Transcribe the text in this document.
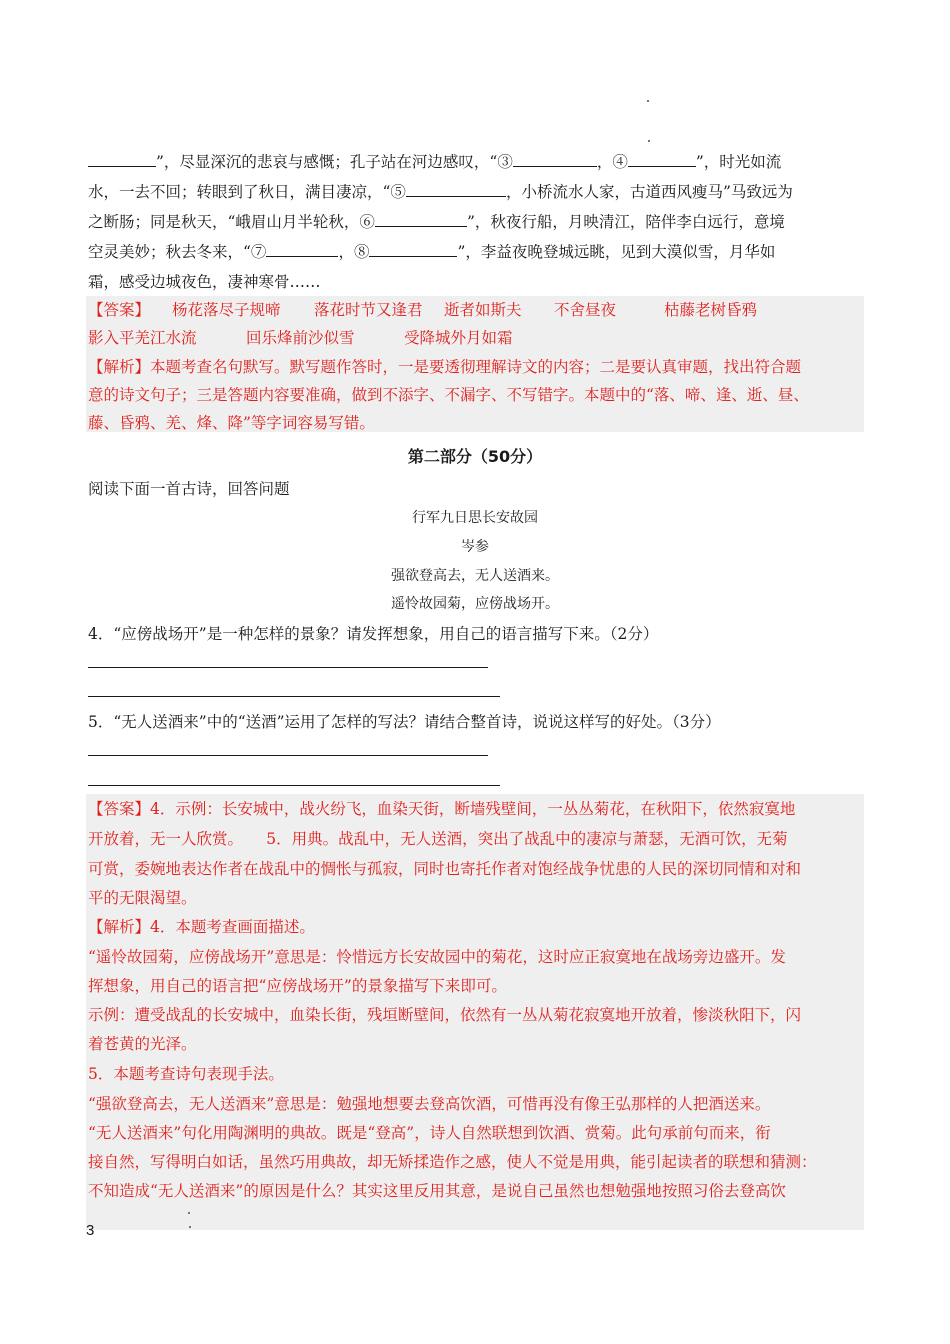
”，尽显深沉的悲哀与感慨；孔子站在河边感叹，“③	，④	”，时光如流
水，一去不回；转眼到了秋日，满目凄凉，“⑤	，小桥流水人家，古道西风瘦马”马致远为
之断肠；同是秋天，“峨眉山月半轮秋，⑥	”，秋夜行船，月映清江，陪伴李白远行，意境
空灵美妙；秋去冬来，“⑦	，⑧	”，李益夜晚登城远眺，见到大漠似雪，月华如
霜，感受边城夜色，凄神寒骨……
【答案】 杨花落尽子规啼 落花时节又逢君 逝者如斯夫 不舍昼夜	枯藤老树昏鸦
影入平羌江水流	回乐烽前沙似雪	受降城外月如霜
【解析】本题考查名句默写。默写题作答时，一是要透彻理解诗文的内容；二是要认真审题，找出符合题
意的诗文句子；三是答题内容要准确，做到不添字、不漏字、不写错字。本题中的“落、啼、逢、逝、昼、
藤、昏鸦、羌、烽、降”等字词容易写错。
第二部分（50分）
阅读下面一首古诗，回答问题
行军九日思长安故园
岑参
强欲登高去，无人送酒来。
遥怜故园菊，应傍战场开。
4．“应傍战场开”是一种怎样的景象？请发挥想象，用自己的语言描写下来。（2分）
5．“无人送酒来”中的“送酒”运用了怎样的写法？请结合整首诗，说说这样写的好处。（3分）
【答案】4．示例：长安城中，战火纷飞，血染天街，断墙残壁间，一丛丛菊花，在秋阳下，依然寂寞地
开放着，无一人欣赏。　　5．用典。战乱中，无人送酒，突出了战乱中的凄凉与萧瑟，无酒可饮，无菊
可赏，委婉地表达作者在战乱中的惆怅与孤寂，同时也寄托作者对饱经战争忧患的人民的深切同情和对和
平的无限渴望。
【解析】4．本题考查画面描述。
“遥怜故园菊，应傍战场开”意思是：怜惜远方长安故园中的菊花，这时应正寂寞地在战场旁边盛开。发
挥想象，用自己的语言把“应傍战场开”的景象描写下来即可。
示例：遭受战乱的长安城中，血染长街，残垣断壁间，依然有一丛从菊花寂寞地开放着，惨淡秋阳下，闪
着苍黄的光泽。
5．本题考查诗句表现手法。
“强欲登高去，无人送酒来”意思是：勉强地想要去登高饮酒，可惜再没有像王弘那样的人把酒送来。
“无人送酒来”句化用陶渊明的典故。既是“登高”，诗人自然联想到饮酒、赏菊。此句承前句而来，衔
接自然，写得明白如话，虽然巧用典故，却无矫揉造作之感，使人不觉是用典，能引起读者的联想和猜测：
不知造成“无人送酒来”的原因是什么？其实这里反用其意，是说自己虽然也想勉强地按照习俗去登高饮
3
